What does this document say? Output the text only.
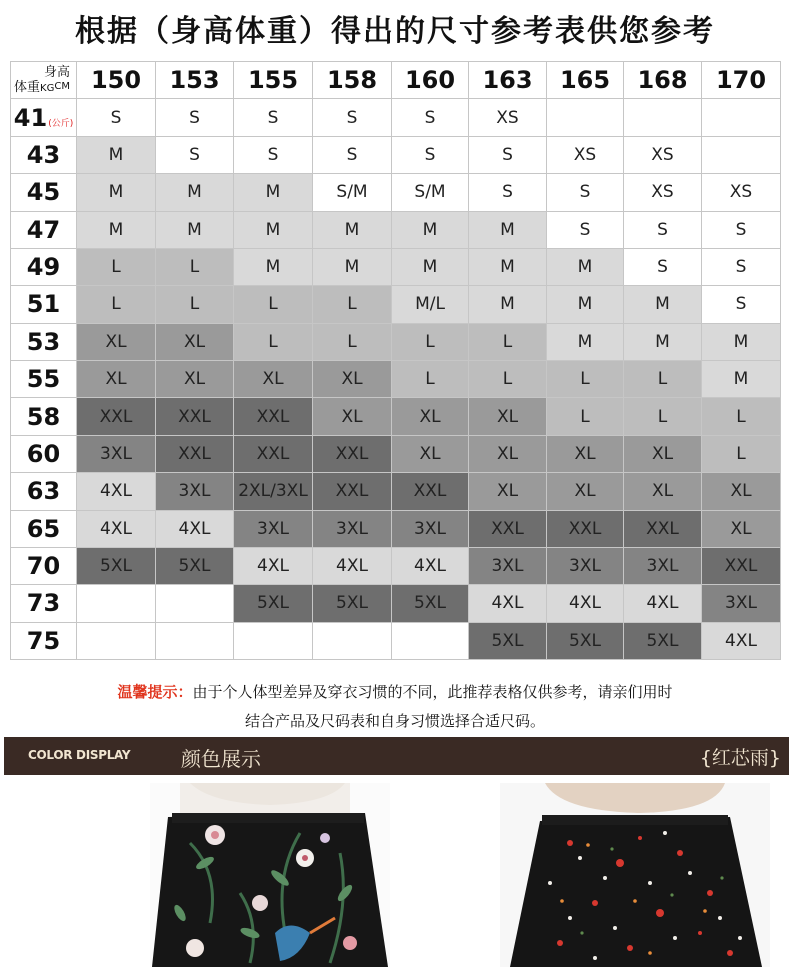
根据（身高体重）得出的尺寸参考表供您参考
身高
CM
体重KG	150	153	155	158	160	163	165	168	170
41(公斤)	S	S	S	S	S	XS			
43	M	S	S	S	S	S	XS	XS	
45	M	M	M	S/M	S/M	S	S	XS	XS
47	M	M	M	M	M	M	S	S	S
49	L	L	M	M	M	M	M	S	S
51	L	L	L	L	M/L	M	M	M	S
53	XL	XL	L	L	L	L	M	M	M
55	XL	XL	XL	XL	L	L	L	L	M
58	XXL	XXL	XXL	XL	XL	XL	L	L	L
60	3XL	XXL	XXL	XXL	XL	XL	XL	XL	L
63	4XL	3XL	2XL/3XL	XXL	XXL	XL	XL	XL	XL
65	4XL	4XL	3XL	3XL	3XL	XXL	XXL	XXL	XL
70	5XL	5XL	4XL	4XL	4XL	3XL	3XL	3XL	XXL
73			5XL	5XL	5XL	4XL	4XL	4XL	3XL
75						5XL	5XL	5XL	4XL
温馨提示：由于个人体型差异及穿衣习惯的不同，此推荐表格仅供参考，请亲们用时
结合产品及尺码表和自身习惯选择合适尺码。
COLOR DISPLAY	颜色展示	{红芯雨}
